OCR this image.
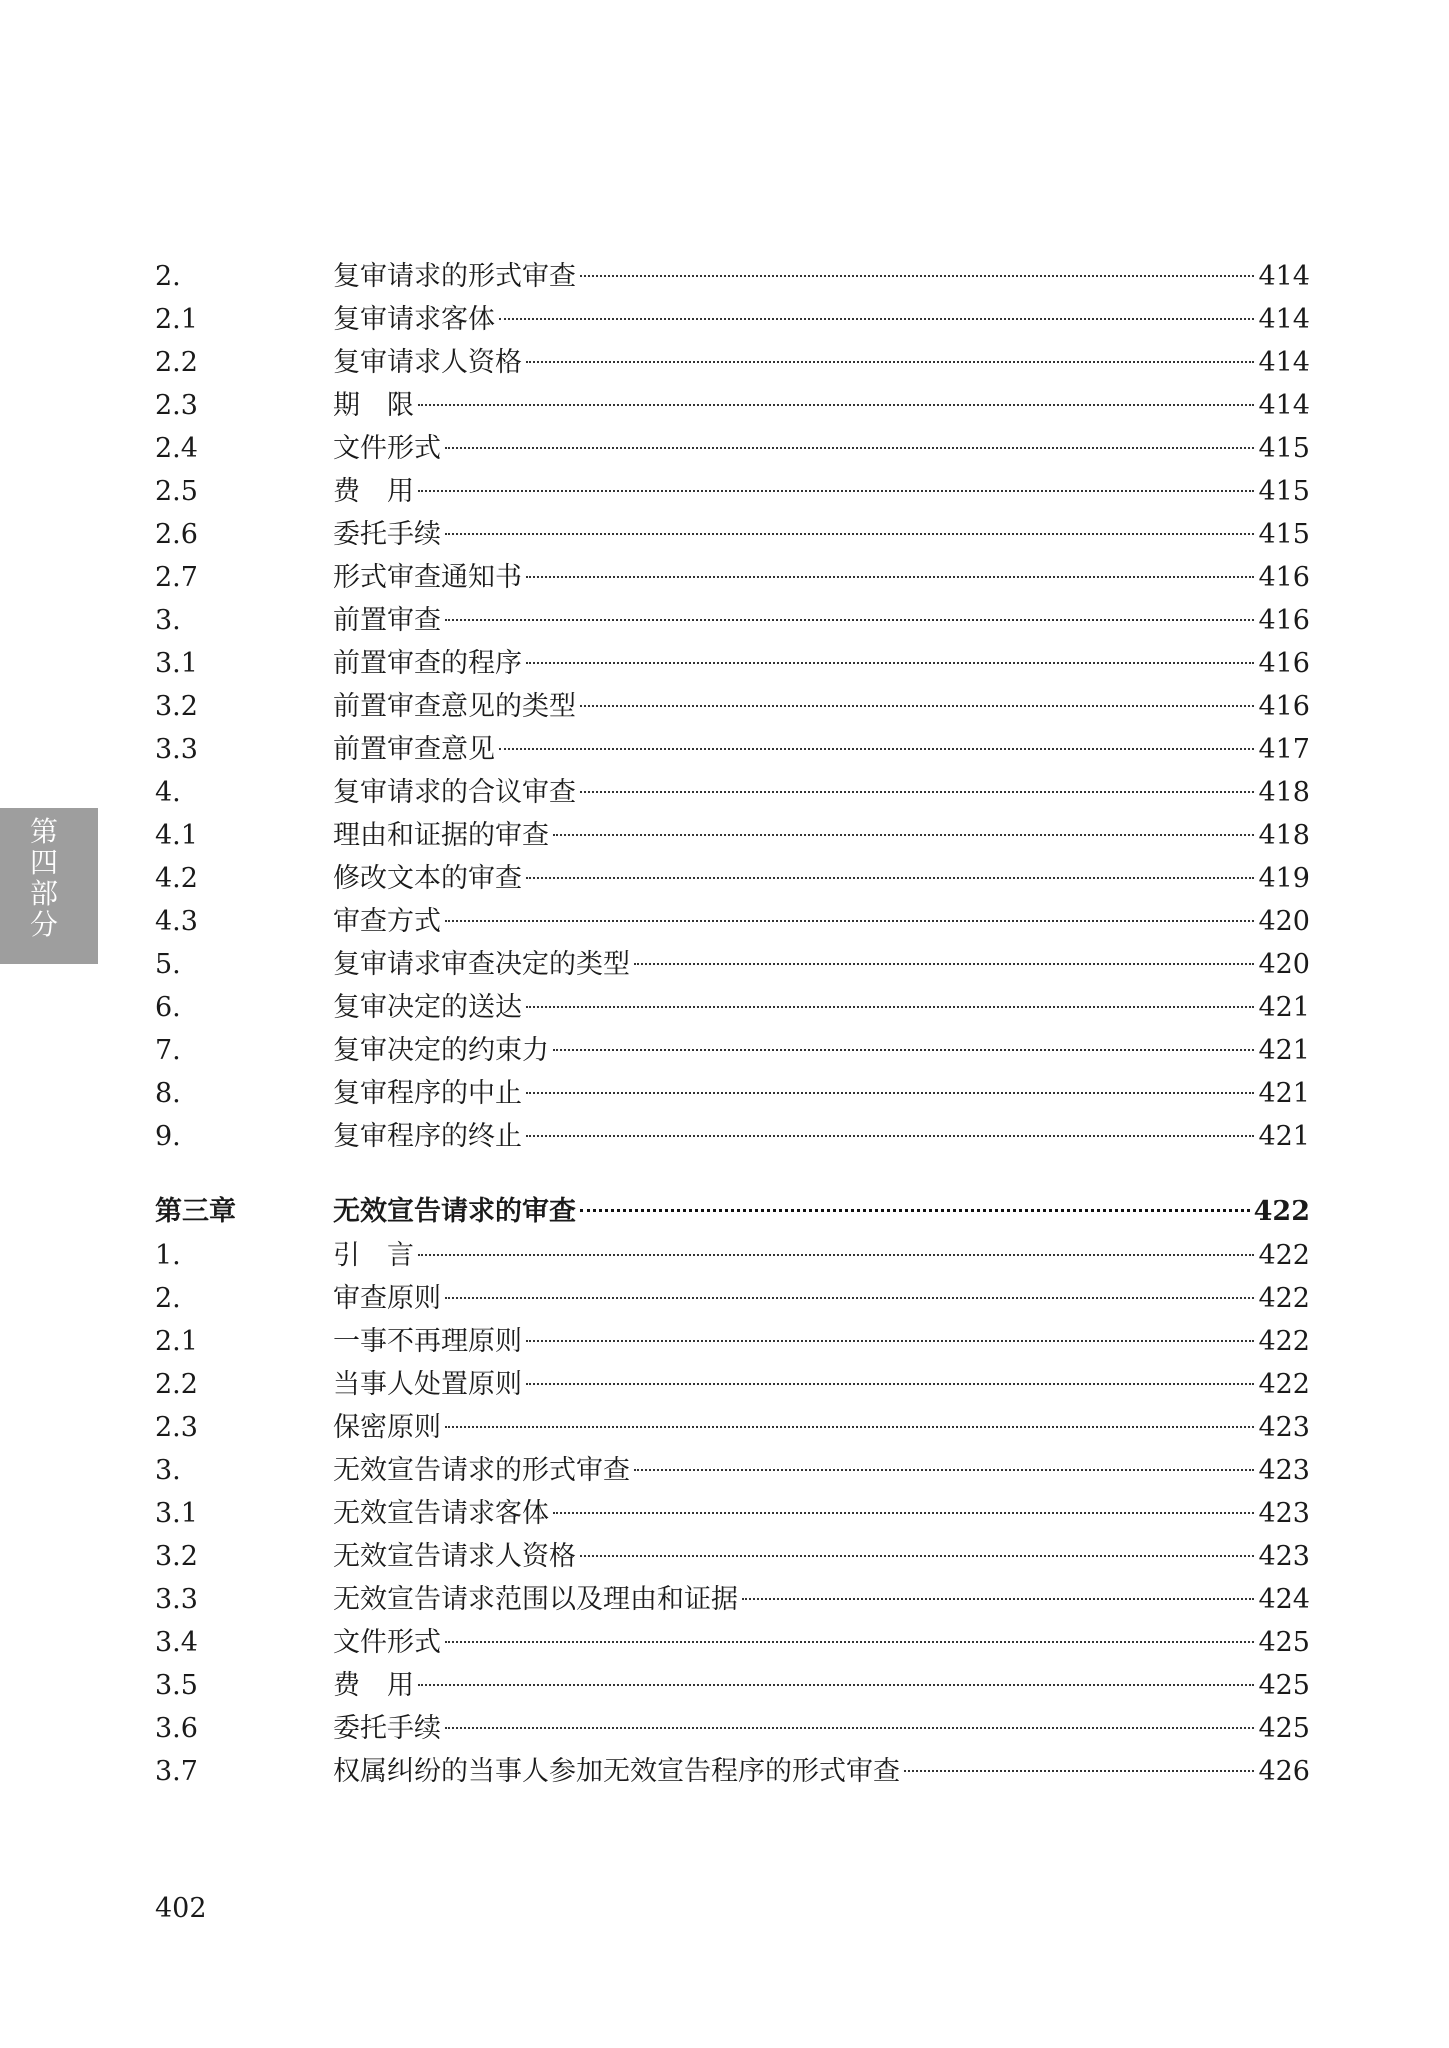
第
四
部
分
2.	复审请求的形式审查	414
2.1	复审请求客体	414
2.2	复审请求人资格	414
2.3	期　限	414
2.4	文件形式	415
2.5	费　用	415
2.6	委托手续	415
2.7	形式审查通知书	416
3.	前置审查	416
3.1	前置审查的程序	416
3.2	前置审查意见的类型	416
3.3	前置审查意见	417
4.	复审请求的合议审查	418
4.1	理由和证据的审查	418
4.2	修改文本的审查	419
4.3	审查方式	420
5.	复审请求审查决定的类型	420
6.	复审决定的送达	421
7.	复审决定的约束力	421
8.	复审程序的中止	421
9.	复审程序的终止	421
第三章	无效宣告请求的审查	422
1.	引　言	422
2.	审查原则	422
2.1	一事不再理原则	422
2.2	当事人处置原则	422
2.3	保密原则	423
3.	无效宣告请求的形式审查	423
3.1	无效宣告请求客体	423
3.2	无效宣告请求人资格	423
3.3	无效宣告请求范围以及理由和证据	424
3.4	文件形式	425
3.5	费　用	425
3.6	委托手续	425
3.7	权属纠纷的当事人参加无效宣告程序的形式审查	426
402
